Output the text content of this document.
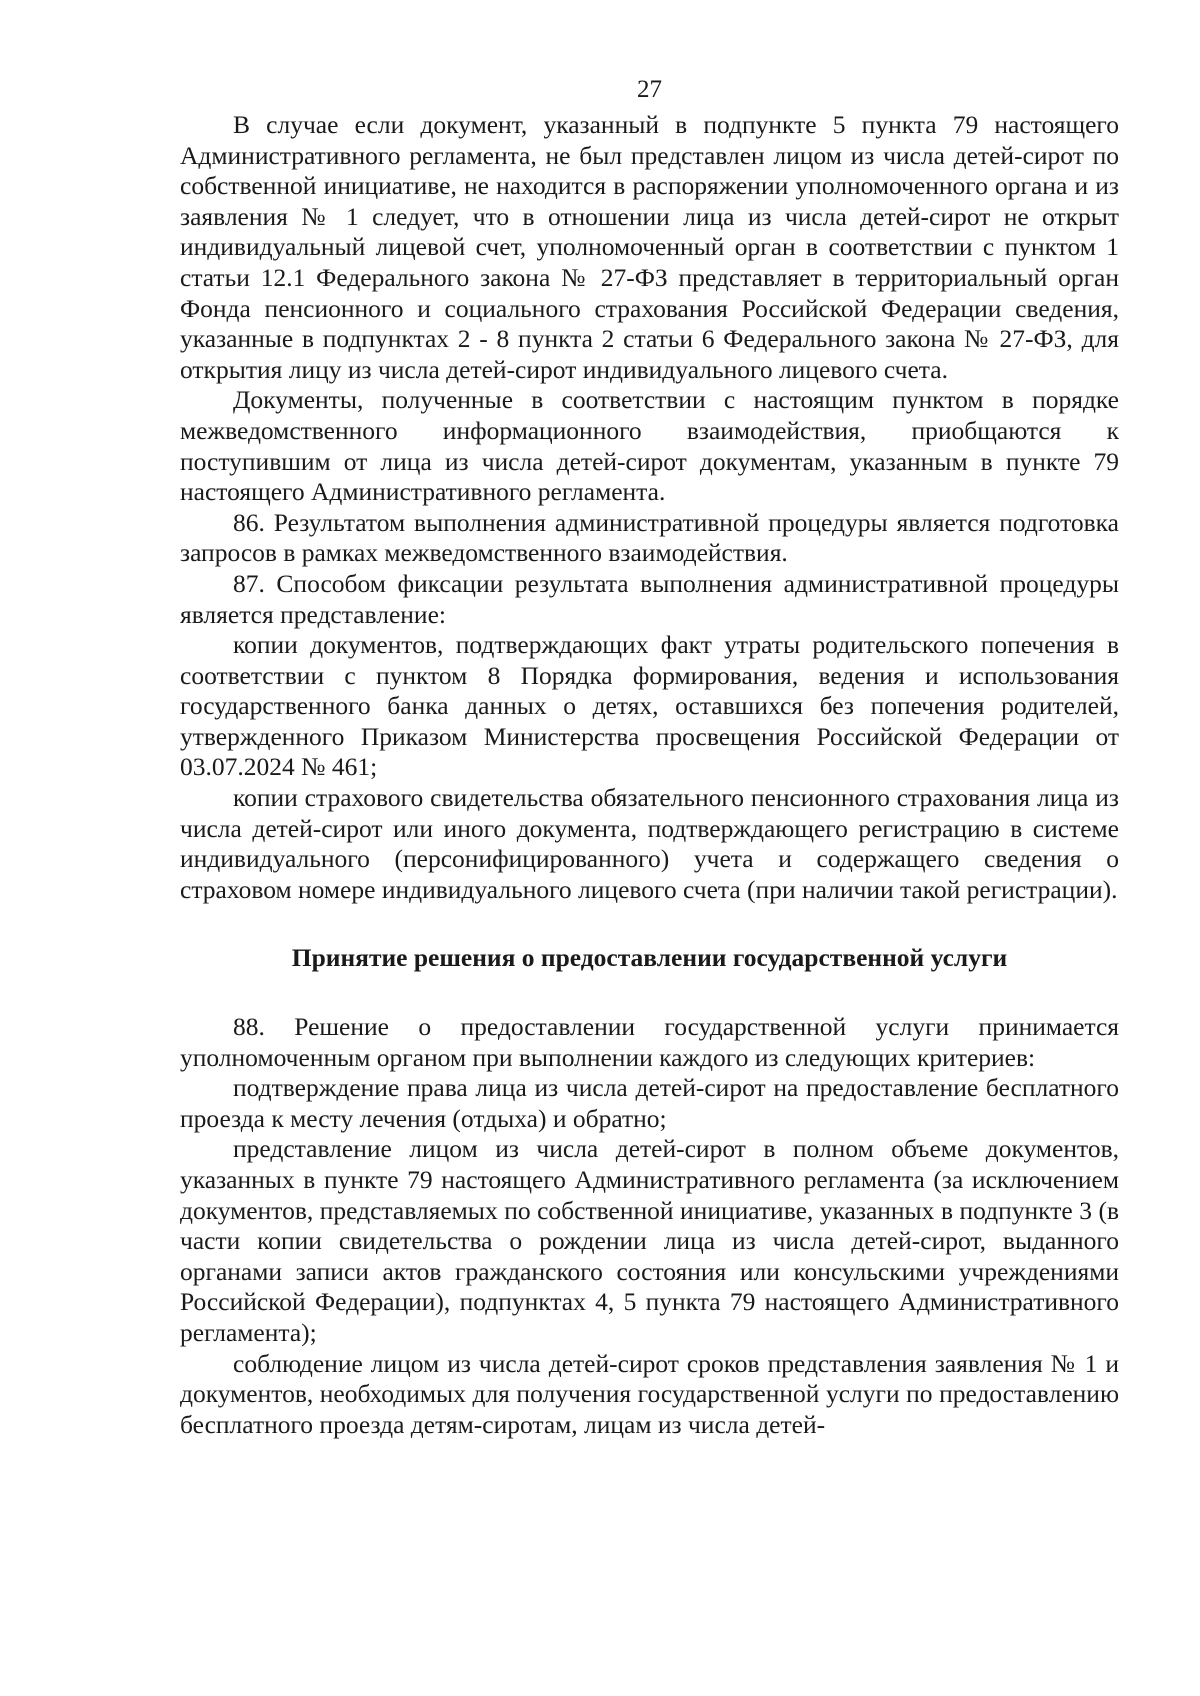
27

В случае если документ, указанный в подпункте 5 пункта 79 настоящего Административного регламента, не был представлен лицом из числа детей-сирот по собственной инициативе, не находится в распоряжении уполномоченного органа и из заявления № 1 следует, что в отношении лица из числа детей-сирот не открыт индивидуальный лицевой счет, уполномоченный орган в соответствии с пунктом 1 статьи 12.1 Федерального закона № 27-ФЗ представляет в территориальный орган Фонда пенсионного и социального страхования Российской Федерации сведения, указанные в подпунктах 2 - 8 пункта 2 статьи 6 Федерального закона № 27-ФЗ, для открытия лицу из числа детей-сирот индивидуального лицевого счета.

Документы, полученные в соответствии с настоящим пунктом в порядке межведомственного информационного взаимодействия, приобщаются к поступившим от лица из числа детей-сирот документам, указанным в пункте 79 настоящего Административного регламента.

86. Результатом выполнения административной процедуры является подготовка запросов в рамках межведомственного взаимодействия.

87. Способом фиксации результата выполнения административной процедуры является представление:

копии документов, подтверждающих факт утраты родительского попечения в соответствии с пунктом 8 Порядка формирования, ведения и использования государственного банка данных о детях, оставшихся без попечения родителей, утвержденного Приказом Министерства просвещения Российской Федерации от 03.07.2024 № 461;

копии страхового свидетельства обязательного пенсионного страхования лица из числа детей-сирот или иного документа, подтверждающего регистрацию в системе индивидуального (персонифицированного) учета и содержащего сведения о страховом номере индивидуального лицевого счета (при наличии такой регистрации).

Принятие решения о предоставлении государственной услуги

88. Решение о предоставлении государственной услуги принимается уполномоченным органом при выполнении каждого из следующих критериев:

подтверждение права лица из числа детей-сирот на предоставление бесплатного проезда к месту лечения (отдыха) и обратно;

представление лицом из числа детей-сирот в полном объеме документов, указанных в пункте 79 настоящего Административного регламента (за исключением документов, представляемых по собственной инициативе, указанных в подпункте 3 (в части копии свидетельства о рождении лица из числа детей-сирот, выданного органами записи актов гражданского состояния или консульскими учреждениями Российской Федерации), подпунктах 4, 5 пункта 79 настоящего Административного регламента);

соблюдение лицом из числа детей-сирот сроков представления заявления № 1 и документов, необходимых для получения государственной услуги по предоставлению бесплатного проезда детям-сиротам, лицам из числа детей-
